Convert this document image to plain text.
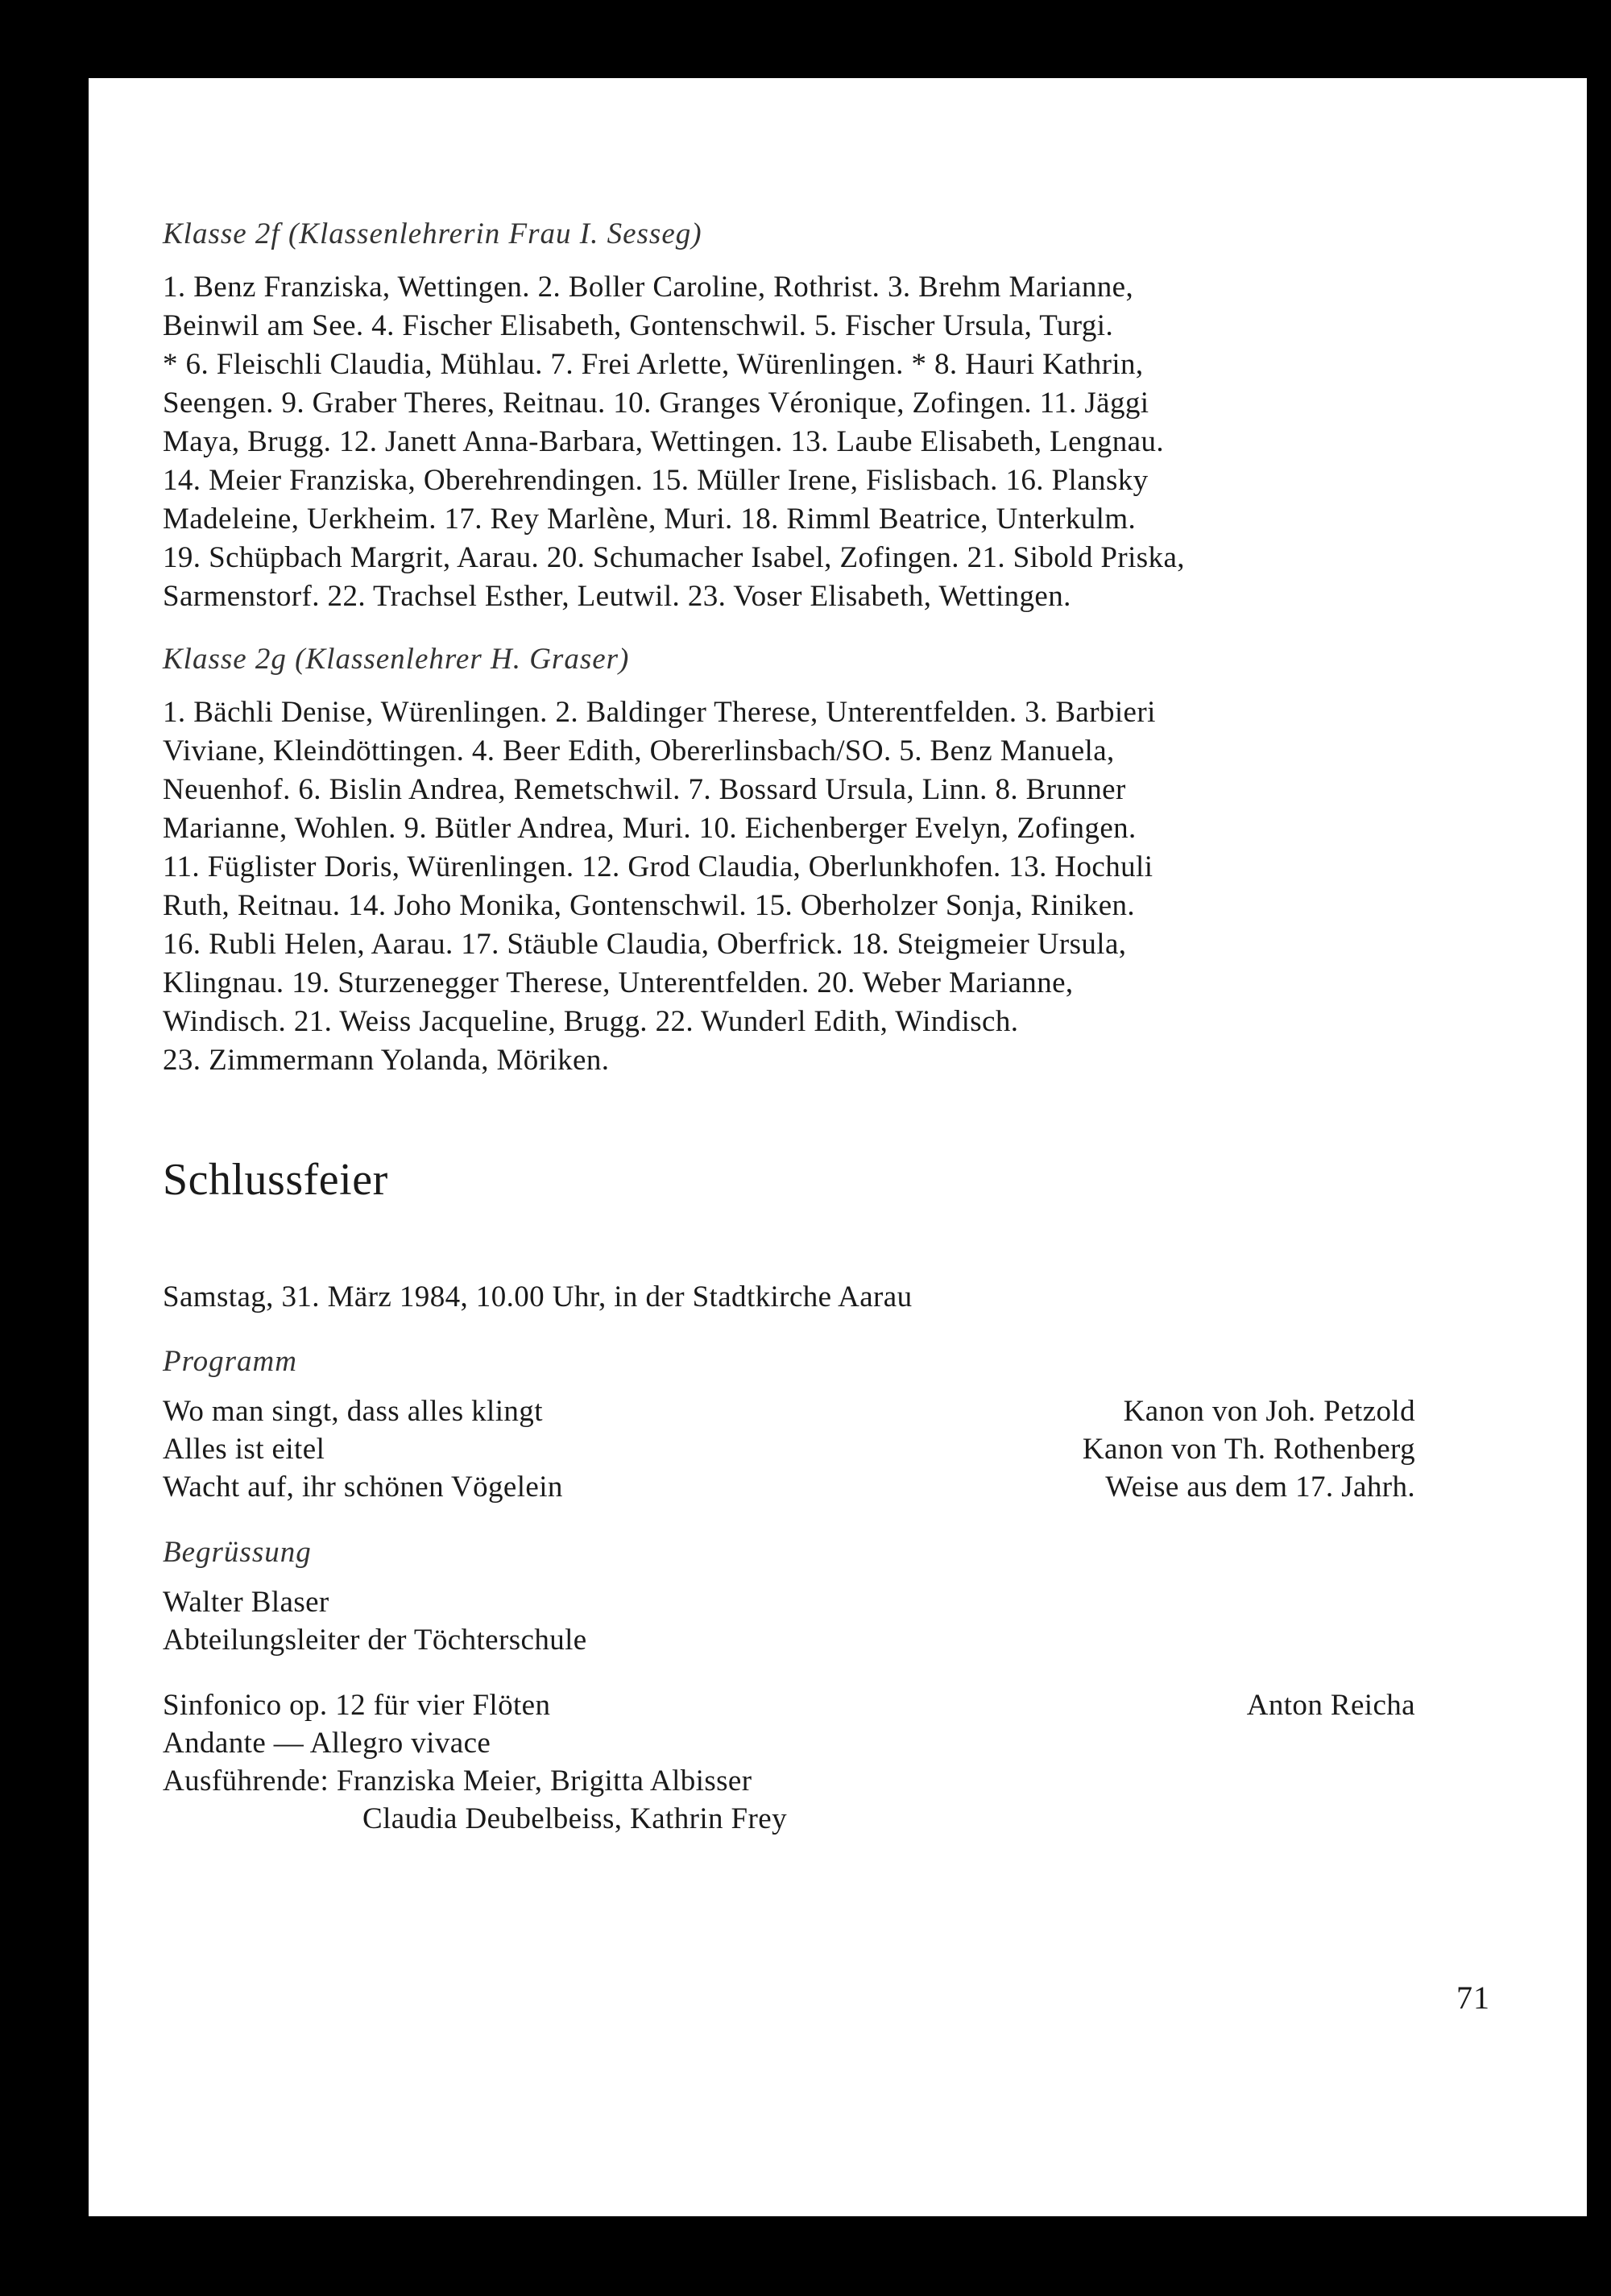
Klasse 2f (Klassenlehrerin Frau I. Sesseg)

1. Benz Franziska, Wettingen. 2. Boller Caroline, Rothrist. 3. Brehm Marianne,

Beinwil am See. 4. Fischer Elisabeth, Gontenschwil. 5. Fischer Ursula, Turgi.

* 6. Fleischli Claudia, Mühlau. 7. Frei Arlette, Würenlingen. * 8. Hauri Kathrin,

Seengen. 9. Graber Theres, Reitnau. 10. Granges Véronique, Zofingen. 11. Jäggi

Maya, Brugg. 12. Janett Anna-Barbara, Wettingen. 13. Laube Elisabeth, Lengnau.

14. Meier Franziska, Oberehrendingen. 15. Müller Irene, Fislisbach. 16. Plansky

Madeleine, Uerkheim. 17. Rey Marlène, Muri. 18. Rimml Beatrice, Unterkulm.

19. Schüpbach Margrit, Aarau. 20. Schumacher Isabel, Zofingen. 21. Sibold Priska,

Sarmenstorf. 22. Trachsel Esther, Leutwil. 23. Voser Elisabeth, Wettingen.

Klasse 2g (Klassenlehrer H. Graser)

1. Bächli Denise, Würenlingen. 2. Baldinger Therese, Unterentfelden. 3. Barbieri

Viviane, Kleindöttingen. 4. Beer Edith, Obererlinsbach/SO. 5. Benz Manuela,

Neuenhof. 6. Bislin Andrea, Remetschwil. 7. Bossard Ursula, Linn. 8. Brunner

Marianne, Wohlen. 9. Bütler Andrea, Muri. 10. Eichenberger Evelyn, Zofingen.

11. Füglister Doris, Würenlingen. 12. Grod Claudia, Oberlunkhofen. 13. Hochuli

Ruth, Reitnau. 14. Joho Monika, Gontenschwil. 15. Oberholzer Sonja, Riniken.

16. Rubli Helen, Aarau. 17. Stäuble Claudia, Oberfrick. 18. Steigmeier Ursula,

Klingnau. 19. Sturzenegger Therese, Unterentfelden. 20. Weber Marianne,

Windisch. 21. Weiss Jacqueline, Brugg. 22. Wunderl Edith, Windisch.

23. Zimmermann Yolanda, Möriken.

Schlussfeier
Samstag, 31. März 1984, 10.00 Uhr, in der Stadtkirche Aarau
Programm
Wo man singt, dass alles klingt	Kanon von Joh. Petzold
Alles ist eitel	Kanon von Th. Rothenberg
Wacht auf, ihr schönen Vögelein	Weise aus dem 17. Jahrh.
Begrüssung
Walter Blaser
Abteilungsleiter der Töchterschule
Sinfonico op. 12 für vier Flöten	Anton Reicha
Andante — Allegro vivace
Ausführende: Franziska Meier, Brigitta Albisser
Claudia Deubelbeiss, Kathrin Frey
71
